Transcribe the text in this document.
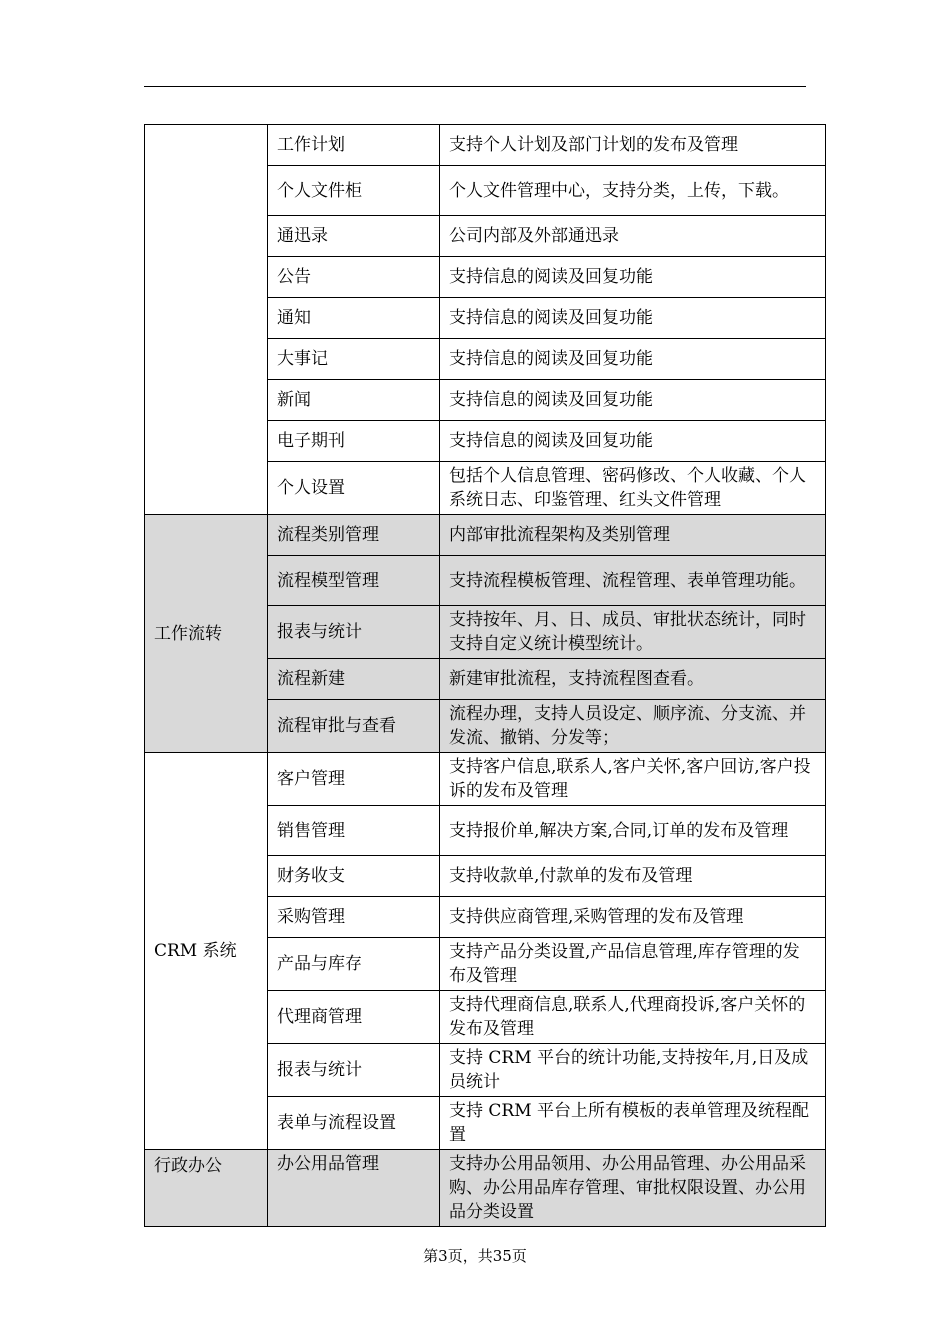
	工作计划	支持个人计划及部门计划的发布及管理
	个人文件柜	个人文件管理中心，支持分类，上传，下载。
	通迅录	公司内部及外部通迅录
	公告	支持信息的阅读及回复功能
	通知	支持信息的阅读及回复功能
	大事记	支持信息的阅读及回复功能
	新闻	支持信息的阅读及回复功能
	电子期刊	支持信息的阅读及回复功能
	个人设置	包括个人信息管理、密码修改、个人收藏、个人系统日志、印鉴管理、红头文件管理
工作流转	流程类别管理	内部审批流程架构及类别管理
	流程模型管理	支持流程模板管理、流程管理、表单管理功能。
	报表与统计	支持按年、月、日、成员、审批状态统计，同时支持自定义统计模型统计。
	流程新建	新建审批流程，支持流程图查看。
	流程审批与查看	流程办理，支持人员设定、顺序流、分支流、并发流、撤销、分发等；
CRM 系统	客户管理	支持客户信息,联系人,客户关怀,客户回访,客户投诉的发布及管理
	销售管理	支持报价单,解决方案,合同,订单的发布及管理
	财务收支	支持收款单,付款单的发布及管理
	采购管理	支持供应商管理,采购管理的发布及管理
	产品与库存	支持产品分类设置,产品信息管理,库存管理的发布及管理
	代理商管理	支持代理商信息,联系人,代理商投诉,客户关怀的发布及管理
	报表与统计	支持 CRM 平台的统计功能,支持按年,月,日及成员统计
	表单与流程设置	支持 CRM 平台上所有模板的表单管理及统程配置
行政办公	办公用品管理	支持办公用品领用、办公用品管理、办公用品采购、办公用品库存管理、审批权限设置、办公用品分类设置
第3页，共35页
